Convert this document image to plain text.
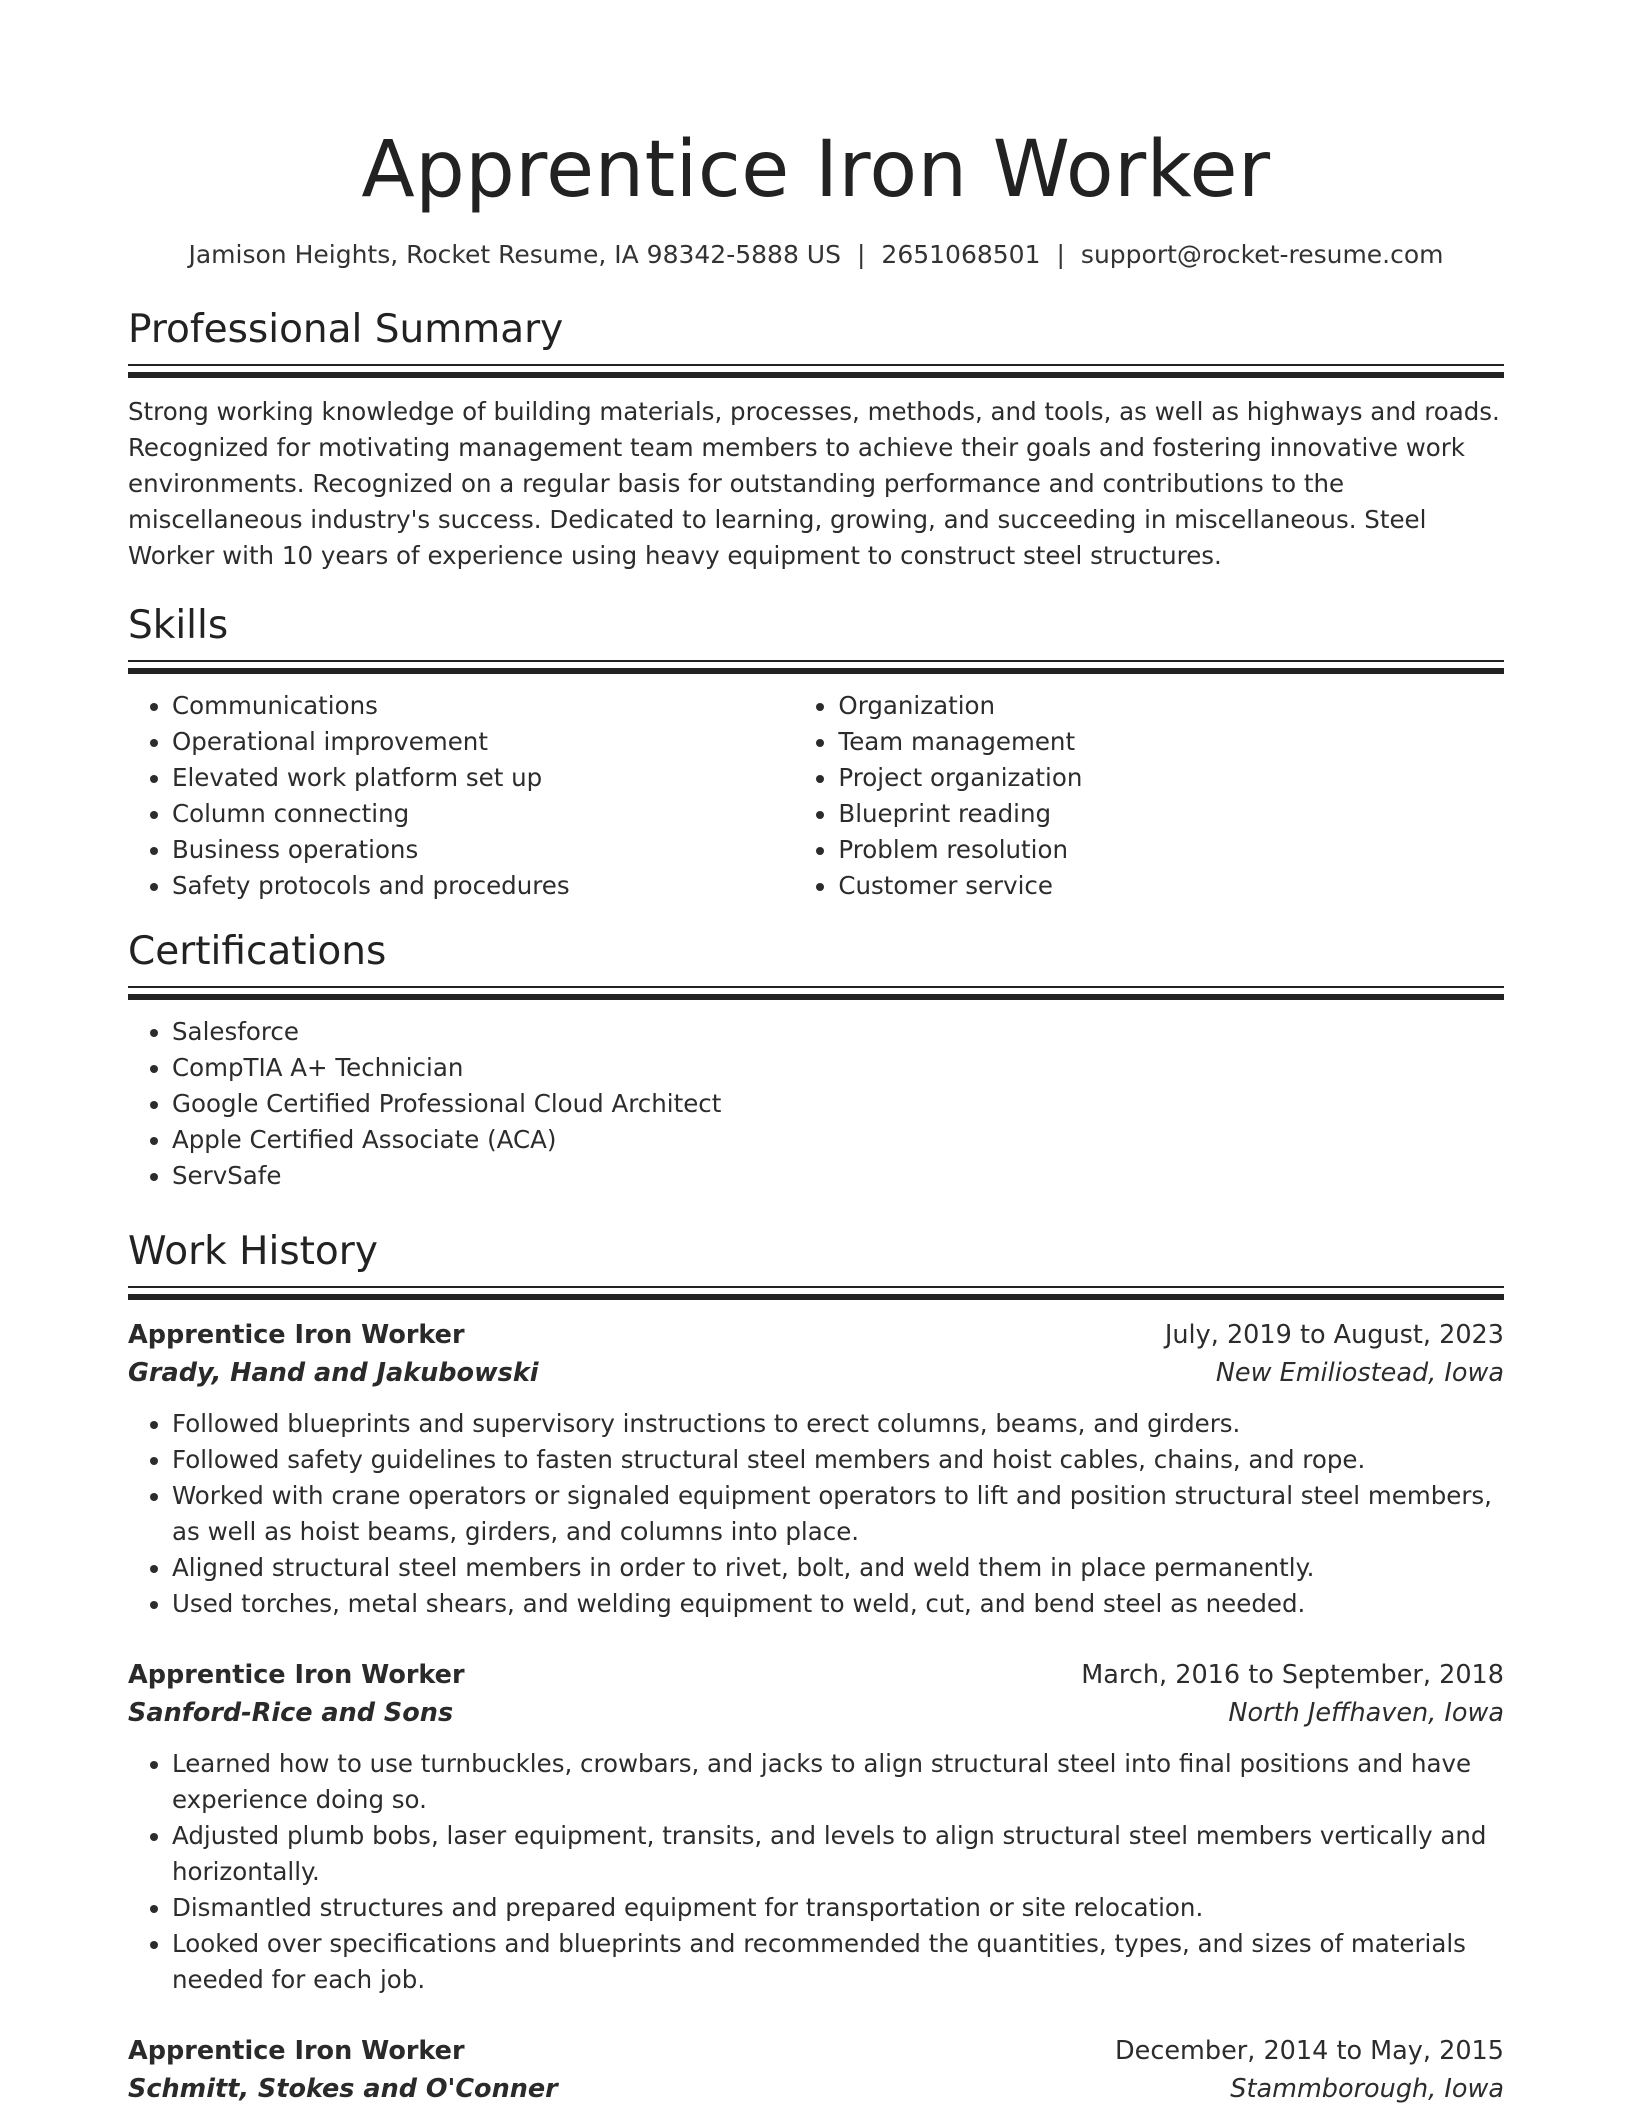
Apprentice Iron Worker
Jamison Heights, Rocket Resume, IA 98342-5888 US | 2651068501 | support@rocket-resume.com
Professional Summary
Strong working knowledge of building materials, processes, methods, and tools, as well as highways and roads. Recognized for motivating management team members to achieve their goals and fostering innovative work environments. Recognized on a regular basis for outstanding performance and contributions to the miscellaneous industry's success. Dedicated to learning, growing, and succeeding in miscellaneous. Steel Worker with 10 years of experience using heavy equipment to construct steel structures.
Skills
• Communications
• Operational improvement
• Elevated work platform set up
• Column connecting
• Business operations
• Safety protocols and procedures
• Organization
• Team management
• Project organization
• Blueprint reading
• Problem resolution
• Customer service
Certifications
• Salesforce
• CompTIA A+ Technician
• Google Certified Professional Cloud Architect
• Apple Certified Associate (ACA)
• ServSafe
Work History
Apprentice Iron Worker	July, 2019 to August, 2023
Grady, Hand and Jakubowski	New Emiliostead, Iowa
• Followed blueprints and supervisory instructions to erect columns, beams, and girders.
• Followed safety guidelines to fasten structural steel members and hoist cables, chains, and rope.
• Worked with crane operators or signaled equipment operators to lift and position structural steel members, as well as hoist beams, girders, and columns into place.
• Aligned structural steel members in order to rivet, bolt, and weld them in place permanently.
• Used torches, metal shears, and welding equipment to weld, cut, and bend steel as needed.
Apprentice Iron Worker	March, 2016 to September, 2018
Sanford-Rice and Sons	North Jeffhaven, Iowa
• Learned how to use turnbuckles, crowbars, and jacks to align structural steel into final positions and have experience doing so.
• Adjusted plumb bobs, laser equipment, transits, and levels to align structural steel members vertically and horizontally.
• Dismantled structures and prepared equipment for transportation or site relocation.
• Looked over specifications and blueprints and recommended the quantities, types, and sizes of materials needed for each job.
Apprentice Iron Worker	December, 2014 to May, 2015
Schmitt, Stokes and O'Conner	Stammborough, Iowa
